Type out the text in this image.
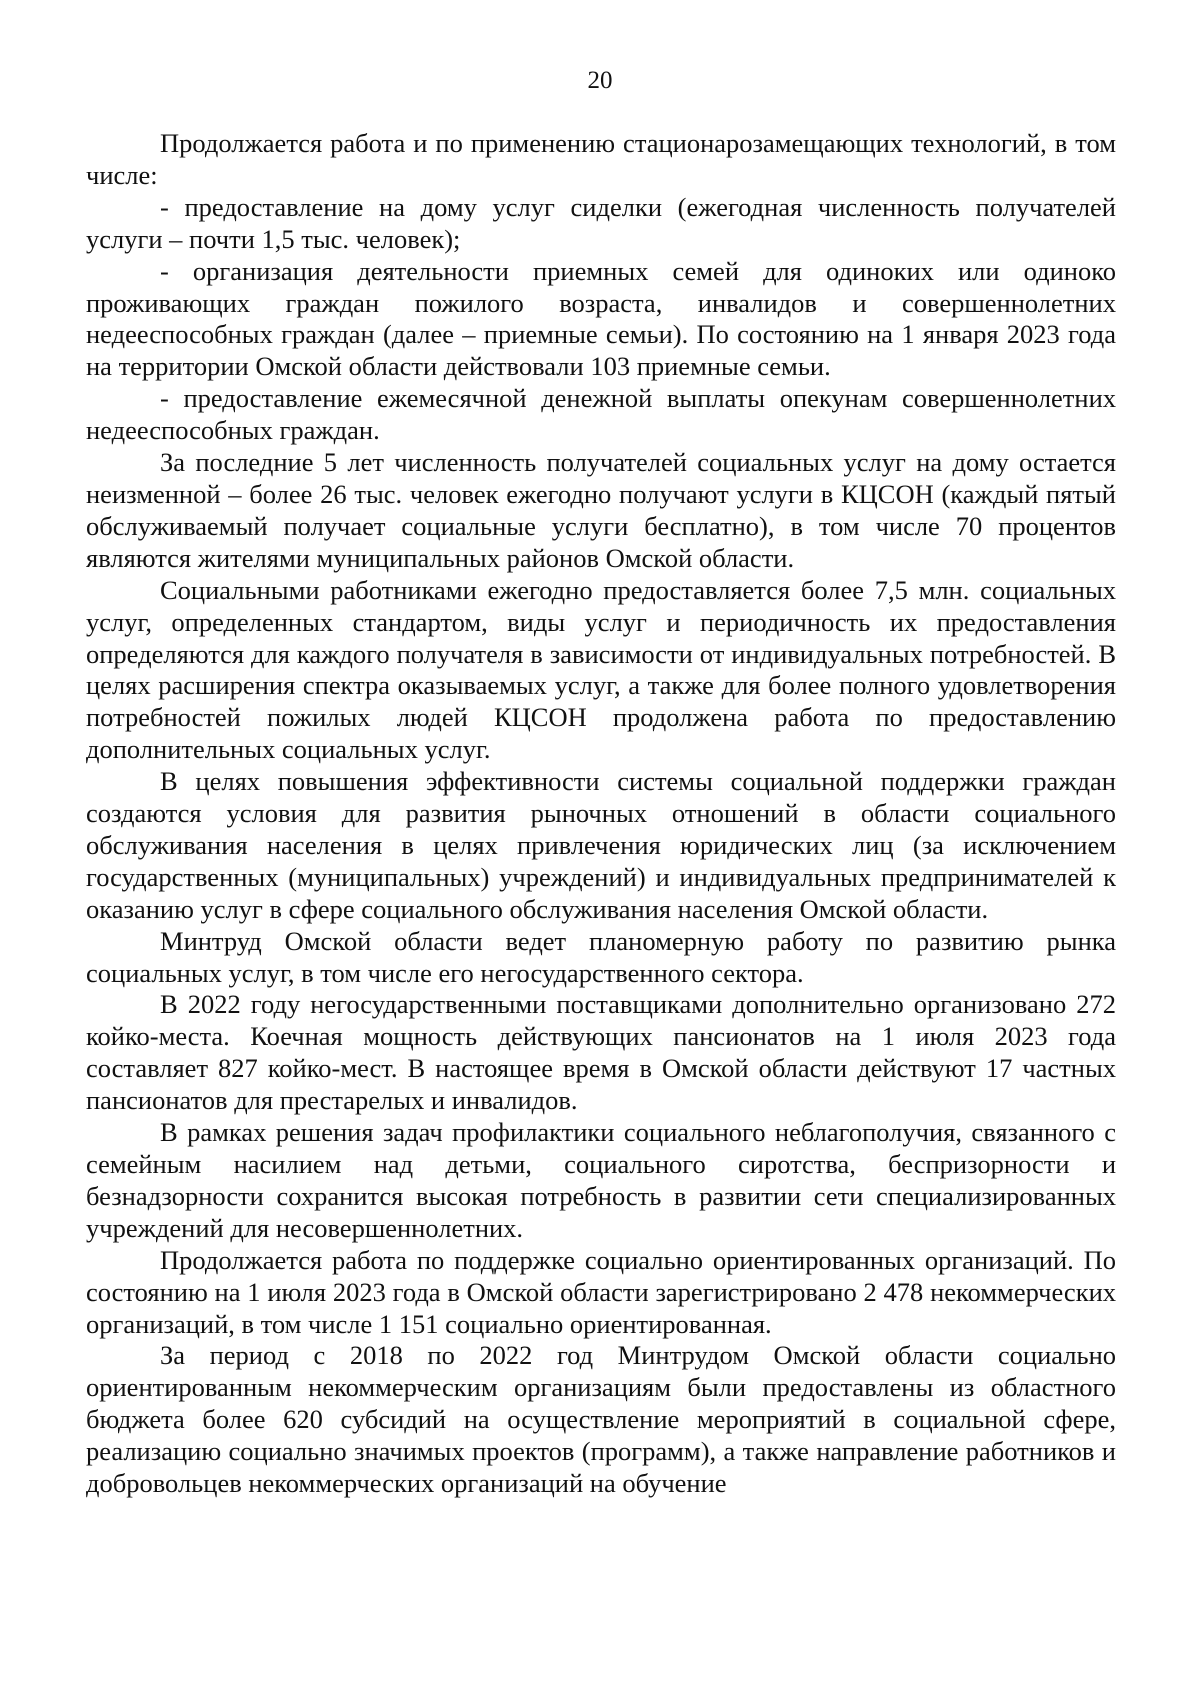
20

Продолжается работа и по применению стационарозамещающих технологий, в том числе:

- предоставление на дому услуг сиделки (ежегодная численность получателей услуги – почти 1,5 тыс. человек);

- организация деятельности приемных семей для одиноких или одиноко проживающих граждан пожилого возраста, инвалидов и совершеннолетних недееспособных граждан (далее – приемные семьи). По состоянию на 1 января 2023 года на территории Омской области действовали 103 приемные семьи.

- предоставление ежемесячной денежной выплаты опекунам совершеннолетних недееспособных граждан.

За последние 5 лет численность получателей социальных услуг на дому остается неизменной – более 26 тыс. человек ежегодно получают услуги в КЦСОН (каждый пятый обслуживаемый получает социальные услуги бесплатно), в том числе 70 процентов являются жителями муниципальных районов Омской области.

Социальными работниками ежегодно предоставляется более 7,5 млн. социальных услуг, определенных стандартом, виды услуг и периодичность их предоставления определяются для каждого получателя в зависимости от индивидуальных потребностей. В целях расширения спектра оказываемых услуг, а также для более полного удовлетворения потребностей пожилых людей КЦСОН продолжена работа по предоставлению дополнительных социальных услуг.

В целях повышения эффективности системы социальной поддержки граждан создаются условия для развития рыночных отношений в области социального обслуживания населения в целях привлечения юридических лиц (за исключением государственных (муниципальных) учреждений) и индивидуальных предпринимателей к оказанию услуг в сфере социального обслуживания населения Омской области.

Минтруд Омской области ведет планомерную работу по развитию рынка социальных услуг, в том числе его негосударственного сектора.

В 2022 году негосударственными поставщиками дополнительно организовано 272 койко-места. Коечная мощность действующих пансионатов на 1 июля 2023 года составляет 827 койко-мест. В настоящее время в Омской области действуют 17 частных пансионатов для престарелых и инвалидов.

В рамках решения задач профилактики социального неблагополучия, связанного с семейным насилием над детьми, социального сиротства, беспризорности и безнадзорности сохранится высокая потребность в развитии сети специализированных учреждений для несовершеннолетних.

Продолжается работа по поддержке социально ориентированных организаций. По состоянию на 1 июля 2023 года в Омской области зарегистрировано 2 478 некоммерческих организаций, в том числе 1 151 социально ориентированная.

За период с 2018 по 2022 год Минтрудом Омской области социально ориентированным некоммерческим организациям были предоставлены из областного бюджета более 620 субсидий на осуществление мероприятий в социальной сфере, реализацию социально значимых проектов (программ), а также направление работников и добровольцев некоммерческих организаций на обучение
